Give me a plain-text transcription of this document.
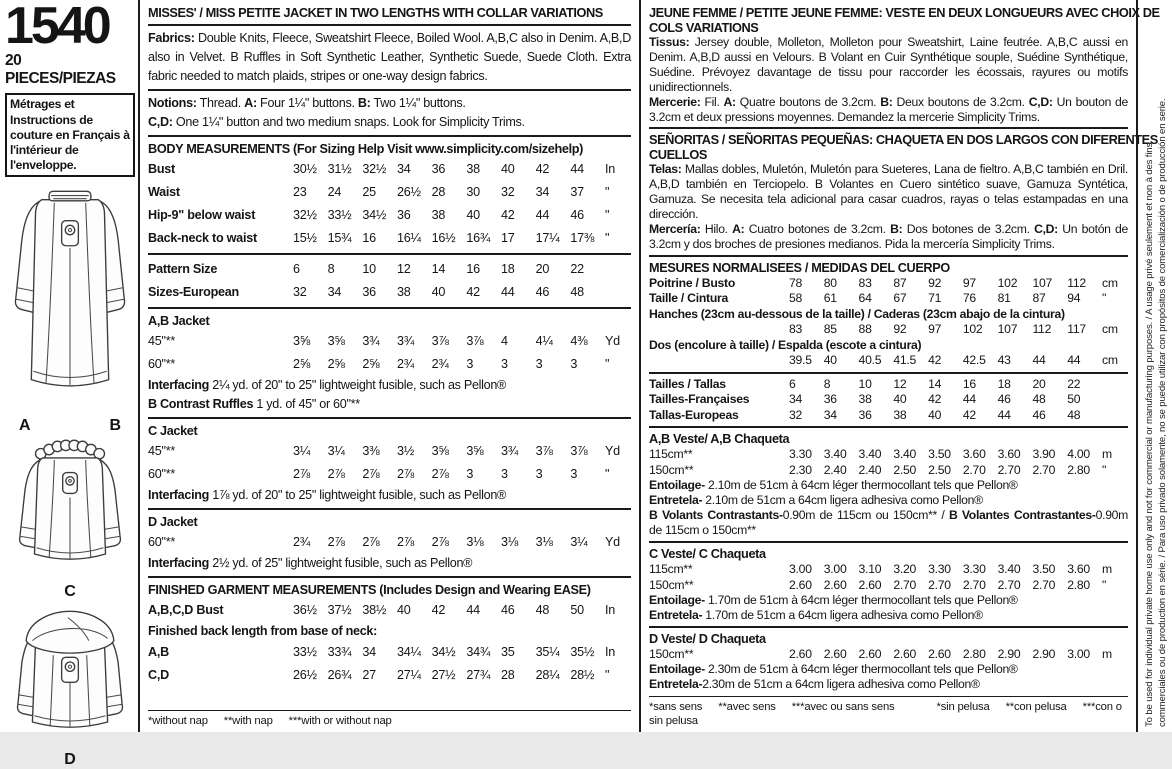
1540
20 PIECES/PIEZAS
Métrages et Instructions de couture en Français à l'intérieur de l'enveloppe.
A	B
C
D
MISSES' / MISS PETITE JACKET IN TWO LENGTHS WITH COLLAR VARIATIONS

Fabrics: Double Knits, Fleece, Sweatshirt Fleece, Boiled Wool. A,B,C also in Denim. A,B,D also in Velvet. B Ruffles in Soft Synthetic Leather, Synthetic Suede, Suede Cloth. Extra fabric needed to match plaids, stripes or one-way design fabrics.

Notions: Thread. A: Four 1¼" buttons. B: Two 1¼" buttons.
C,D: One 1¼" button and two medium snaps. Look for Simplicity Trims.

BODY MEASUREMENTS (For Sizing Help Visit www.simplicity.com/sizehelp)
Bust	30½ 31½ 32½ 34	36	38	40	42	44	In
Waist	23	24	25	26½ 28	30	32	34	37	"
Hip-9" below waist	32½ 33½ 34½ 36	38	40	42	44	46	"
Back-neck to waist	15½ 15¾ 16	16¼ 16½ 16¾ 17	17¼ 17⅜ "
Pattern Size	6	8	10	12	14	16	18	20	22
Sizes-European	32	34	36	38	40	42	44	46	48
A,B Jacket
45"**	3⅝	3⅝	3¾	3¾	3⅞	3⅞	4	4¼	4⅜	Yd
60"**	2⅝	2⅝	2⅝	2¾	2¾	3	3	3	3	"

Interfacing 2¼ yd. of 20" to 25" lightweight fusible, such as Pellon®

B Contrast Ruffles 1 yd. of 45" or 60"**

C Jacket
45"**	3¼	3¼	3⅜	3½	3⅝	3⅝	3¾	3⅞	3⅞	Yd
60"**	2⅞	2⅞	2⅞	2⅞	2⅞	3	3	3	3	"

Interfacing 1⅞ yd. of 20" to 25" lightweight fusible, such as Pellon®

D Jacket
60"**	2¾	2⅞	2⅞	2⅞	2⅞	3⅛	3⅛	3⅛	3¼	Yd

Interfacing 2½ yd. of 25" lightweight fusible, such as Pellon®

FINISHED GARMENT MEASUREMENTS (Includes Design and Wearing EASE)
A,B,C,D Bust	36½ 37½ 38½ 40	42	44	46	48	50	In
Finished back length from base of neck:
A,B	33½ 33¾ 34	34¼ 34½ 34¾ 35	35¼ 35½ In
C,D	26½ 26¾ 27	27¼ 27½ 27¾ 28	28¼ 28½ "
*without nap **with nap ***with or without nap
JEUNE FEMME / PETITE JEUNE FEMME: VESTE EN DEUX LONGUEURS AVEC CHOIX DE
COLS VARIATIONS

Tissus: Jersey double, Molleton, Molleton pour Sweatshirt, Laine feutrée. A,B,C aussi en Denim. A,B,D aussi en Velours. B Volant en Cuir Synthétique souple, Suédine Synthétique, Suédine. Prévoyez davantage de tissu pour raccorder les écossais, rayures ou motifs unidirectionnels.

Mercerie: Fil. A: Quatre boutons de 3.2cm. B: Deux boutons de 3.2cm. C,D: Un bouton de 3.2cm et deux pressions moyennes. Demandez la mercerie Simplicity Trims.

SEÑORITAS / SEÑORITAS PEQUEÑAS: CHAQUETA EN DOS LARGOS CON DIFERENTES
CUELLOS

Telas: Mallas dobles, Muletón, Muletón para Sueteres, Lana de fieltro. A,B,C también en Dril. A,B,D también en Terciopelo. B Volantes en Cuero sintético suave, Gamuza Syntética, Gamuza. Se necesita tela adicional para casar cuadros, rayas o telas estampadas en una dirección.

Mercería: Hilo. A: Cuatro botones de 3.2cm. B: Dos botones de 3.2cm. C,D: Un botón de 3.2cm y dos broches de presiones medianos. Pida la mercería Simplicity Trims.

MESURES NORMALISEES / MEDIDAS DEL CUERPO
Poitrine / Busto	78	80	83	87	92	97	102	107	112	cm
Taille / Cintura	58	61	64	67	71	76	81	87	94	"
Hanches (23cm au-dessous de la taille) / Caderas (23cm abajo de la cintura)
83	85	88	92	97	102	107	112	117	cm
Dos (encolure à taille) / Espalda (escote a cintura)
39.5 40	40.5 41.5 42	42.5 43	44	44	cm
Tailles / Tallas	6	8	10	12	14	16	18	20	22
Tailles-Françaises	34	36	38	40	42	44	46	48	50
Tallas-Europeas	32	34	36	38	40	42	44	46	48
A,B Veste/ A,B Chaqueta
115cm**	3.30 3.40 3.40 3.40 3.50 3.60 3.60 3.90 4.00 m
150cm**	2.30 2.40 2.40 2.50 2.50 2.70 2.70 2.70 2.80 "

Entoilage- 2.10m de 51cm à 64cm léger thermocollant tels que Pellon®

Entretela- 2.10m de 51cm a 64cm ligera adhesiva como Pellon®

B Volants Contrastants-0.90m de 115cm ou 150cm** / B Volantes Contrastantes-0.90m de 115cm o 150cm**

C Veste/ C Chaqueta
115cm**	3.00 3.00 3.10 3.20 3.30 3.30 3.40 3.50 3.60 m
150cm**	2.60 2.60 2.60 2.70 2.70 2.70 2.70 2.70 2.80 "

Entoilage- 1.70m de 51cm à 64cm léger thermocollant tels que Pellon®

Entretela- 1.70m de 51cm a 64cm ligera adhesiva como Pellon®

D Veste/ D Chaqueta
150cm**	2.60 2.60 2.60 2.60 2.60 2.80 2.90 2.90 3.00 m

Entoilage- 2.30m de 51cm à 64cm léger thermocollant tels que Pellon®

Entretela-2.30m de 51cm a 64cm ligera adhesiva como Pellon®

*sans sens **avec sens ***avec ou sans sens	*sin pelusa **con pelusa ***con o sin pelusa	To be used for individual private home use only and not for commercial or manufacturing purposes. / A usage privé seulement et non à des fins commerciales ou de production en série. / Para uso privado solamente, no se puede utilizar con propósitos de comercialización o de producción en serie.
